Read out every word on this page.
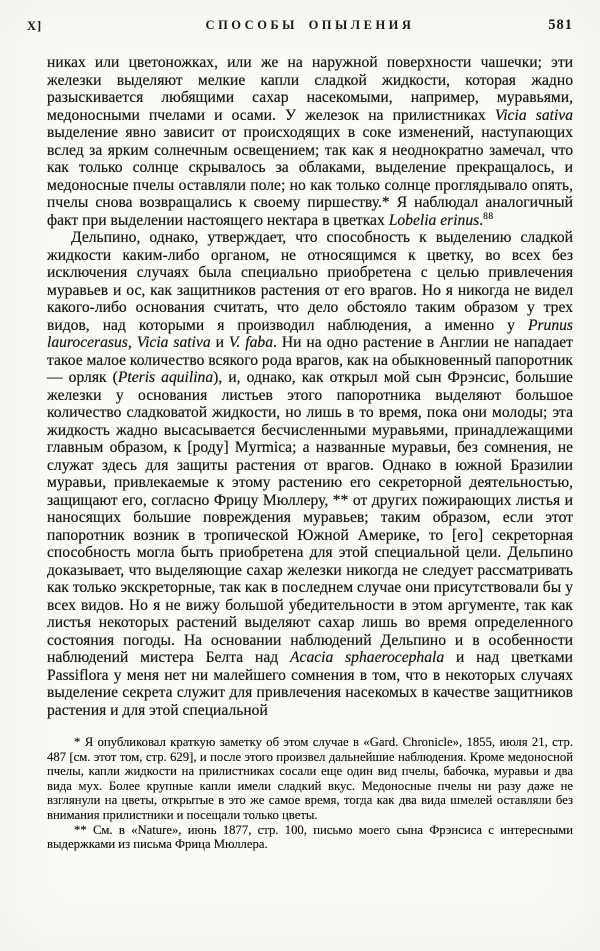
X]	СПОСОБЫ ОПЫЛЕНИЯ	581

никах или цветоножках, или же на наружной поверхности чашечки; эти железки выделяют мелкие капли сладкой жидкости, которая жадно разыскивается любящими сахар насекомыми, например, муравьями, медоносными пчелами и осами. У железок на прилистниках Vicia sativa выделение явно зависит от происходящих в соке изменений, наступающих вслед за ярким солнечным освещением; так как я неоднократно замечал, что как только солнце скрывалось за облаками, выделение прекращалось, и медоносные пчелы оставляли поле; но как только солнце проглядывало опять, пчелы снова возвращались к своему пиршеству.* Я наблюдал аналогичный факт при выделении настоящего нектара в цветках Lobelia erinus.$^{88}$

Дельпино, однако, утверждает, что способность к выделению сладкой жидкости каким-либо органом, не относящимся к цветку, во всех без исключения случаях была специально приобретена с целью привлечения муравьев и ос, как защитников растения от его врагов. Но я никогда не видел какого-либо основания считать, что дело обстояло таким образом у трех видов, над которыми я производил наблюдения, а именно у Prunus laurocerasus, Vicia sativa и V. faba. Ни на одно растение в Англии не нападает такое малое количество всякого рода врагов, как на обыкновенный папоротник — орляк (Pteris aquilina), и, однако, как открыл мой сын Фрэнсис, большие железки у основания листьев этого папоротника выделяют большое количество сладковатой жидкости, но лишь в то время, пока они молоды; эта жидкость жадно высасывается бесчисленными муравьями, принадлежащими главным образом, к [роду] Myrmica; а названные муравьи, без сомнения, не служат здесь для защиты растения от врагов. Однако в южной Бразилии муравьи, привлекаемые к этому растению его секреторной деятельностью, защищают его, согласно Фрицу Мюллеру, ** от других пожирающих листья и наносящих большие повреждения муравьев; таким образом, если этот папоротник возник в тропической Южной Америке, то [его] секреторная способность могла быть приобретена для этой специальной цели. Дельпино доказывает, что выделяющие сахар железки никогда не следует рассматривать как только экскреторные, так как в последнем случае они присутствовали бы у всех видов. Но я не вижу большой убедительности в этом аргументе, так как листья некоторых растений выделяют сахар лишь во время определенного состояния погоды. На основании наблюдений Дельпино и в особенности наблюдений мистера Белта над Acacia sphaerocephala и над цветками Passiflora у меня нет ни малейшего сомнения в том, что в некоторых случаях выделение секрета служит для привлечения насекомых в качестве защитников растения и для этой специальной

* Я опубликовал краткую заметку об этом случае в «Gard. Chronicle», 1855, июля 21, стр. 487 [см. этот том, стр. 629], и после этого произвел дальнейшие наблюдения. Кроме медоносной пчелы, капли жидкости на прилистниках сосали еще один вид пчелы, бабочка, муравьи и два вида мух. Более крупные капли имели сладкий вкус. Медоносные пчелы ни разу даже не взглянули на цветы, открытые в это же самое время, тогда как два вида шмелей оставляли без внимания прилистники и посещали только цветы.

** См. в «Nature», июнь 1877, стр. 100, письмо моего сына Фрэнсиса с интересными выдержками из письма Фрица Мюллера.
